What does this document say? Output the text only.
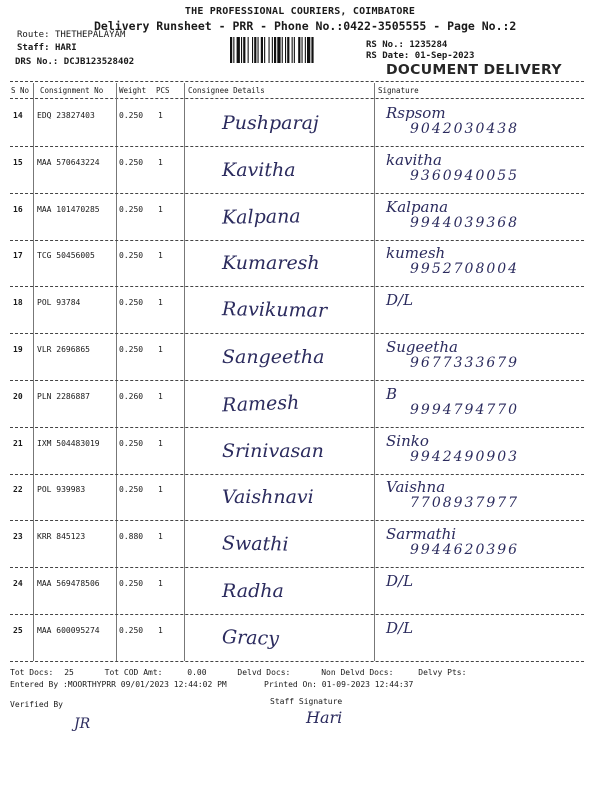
THE PROFESSIONAL COURIERS, COIMBATORE
Delivery Runsheet - PRR - Phone No.:0422-3505555 - Page No.:2
Route: THETHEPALAYAM
Staff: HARI
DRS No.: DCJB123528402
RS No.: 1235284
RS Date: 01-Sep-2023
DOCUMENT DELIVERY
S No Consignment No Weight PCS Consignee Details	Signature
14 EDQ 23827403	0.250 1	Pushparaj	Rspsom
9042030438
15 MAA 570643224 0.250 1	Kavitha	kavitha
9360940055
16 MAA 101470285 0.250 1	Kalpana	Kalpana
9944039368
17 TCG 50456005	0.250 1	Kumaresh	kumesh
9952708004
18 POL 93784	0.250 1	Ravikumar	D/L
19 VLR 2696865	0.250 1	Sangeetha	Sugeetha
9677333679
20 PLN 2286887	0.260 1	Ramesh	B
9994794770
21 IXM 504483019 0.250 1	Srinivasan	Sinko
9942490903
22 POL 939983	0.250 1	Vaishnavi	Vaishna
7708937977
23 KRR 845123	0.880 1	Swathi	Sarmathi
9944620396
24 MAA 569478506 0.250 1	Radha	D/L
25 MAA 600095274 0.250 1	Gracy	D/L
Tot Docs: 25	Tot COD Amt:	0.00	Delvd Docs:	Non Delvd Docs:	Delvy Pts:
Entered By :MOORTHYPRR 09/01/2023 12:44:02 PM	Printed On: 01-09-2023 12:44:37
Verified By
JR
Staff Signature
Hari
